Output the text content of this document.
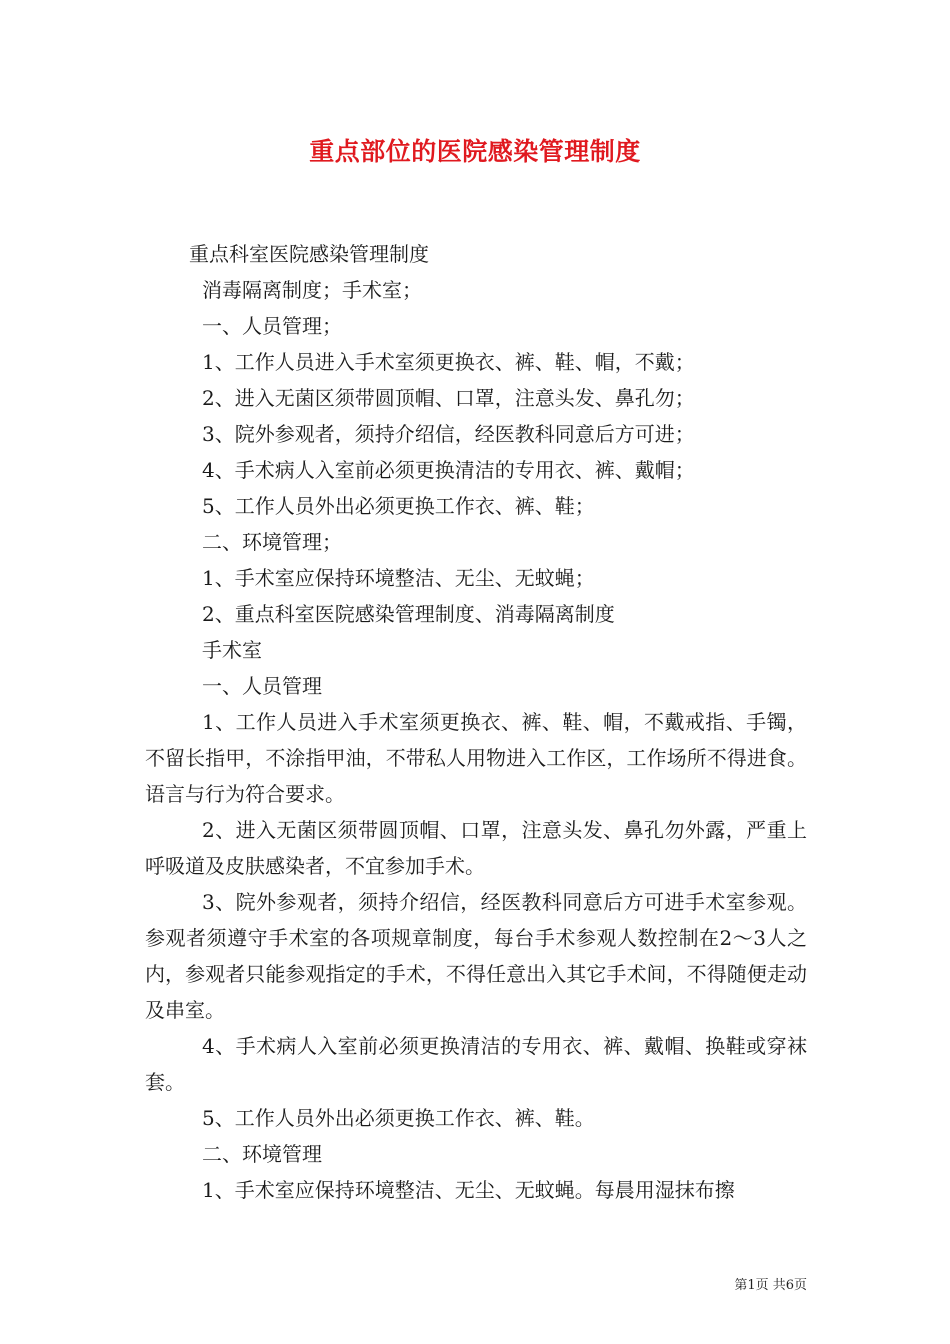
重点部位的医院感染管理制度
重点科室医院感染管理制度
消毒隔离制度；手术室；
一、人员管理；
1、工作人员进入手术室须更换衣、裤、鞋、帽，不戴；
2、进入无菌区须带圆顶帽、口罩，注意头发、鼻孔勿；
3、院外参观者，须持介绍信，经医教科同意后方可进；
4、手术病人入室前必须更换清洁的专用衣、裤、戴帽；
5、工作人员外出必须更换工作衣、裤、鞋；
二、环境管理；
1、手术室应保持环境整洁、无尘、无蚊蝇；
2、重点科室医院感染管理制度、消毒隔离制度
手术室
一、人员管理
1、工作人员进入手术室须更换衣、裤、鞋、帽，不戴戒指、手镯，不留长指甲，不涂指甲油，不带私人用物进入工作区，工作场所不得进食。语言与行为符合要求。
2、进入无菌区须带圆顶帽、口罩，注意头发、鼻孔勿外露，严重上呼吸道及皮肤感染者，不宜参加手术。
3、院外参观者，须持介绍信，经医教科同意后方可进手术室参观。参观者须遵守手术室的各项规章制度，每台手术参观人数控制在2～3人之内，参观者只能参观指定的手术，不得任意出入其它手术间，不得随便走动及串室。
4、手术病人入室前必须更换清洁的专用衣、裤、戴帽、换鞋或穿袜套。
5、工作人员外出必须更换工作衣、裤、鞋。
二、环境管理
1、手术室应保持环境整洁、无尘、无蚊蝇。每晨用湿抹布擦
第1页 共6页
